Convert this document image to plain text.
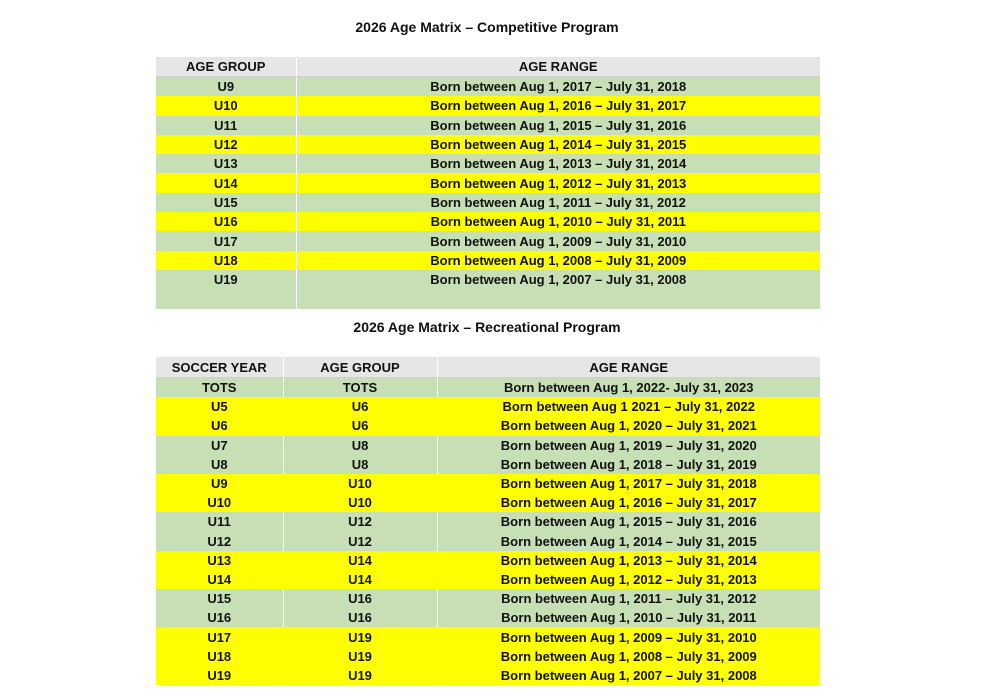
2026 Age Matrix – Competitive Program
AGE GROUP	AGE RANGE
U9	Born between Aug 1, 2017 – July 31, 2018
U10	Born between Aug 1, 2016 – July 31, 2017
U11	Born between Aug 1, 2015 – July 31, 2016
U12	Born between Aug 1, 2014 – July 31, 2015
U13	Born between Aug 1, 2013 – July 31, 2014
U14	Born between Aug 1, 2012 – July 31, 2013
U15	Born between Aug 1, 2011 – July 31, 2012
U16	Born between Aug 1, 2010 – July 31, 2011
U17	Born between Aug 1, 2009 – July 31, 2010
U18	Born between Aug 1, 2008 – July 31, 2009
U19	Born between Aug 1, 2007 – July 31, 2008

2026 Age Matrix – Recreational Program
SOCCER YEAR	AGE GROUP	AGE RANGE
TOTS	TOTS	Born between Aug 1, 2022- July 31, 2023
U5	U6	Born between Aug 1 2021 – July 31, 2022
U6	U6	Born between Aug 1, 2020 – July 31, 2021
U7	U8	Born between Aug 1, 2019 – July 31, 2020
U8	U8	Born between Aug 1, 2018 – July 31, 2019
U9	U10	Born between Aug 1, 2017 – July 31, 2018
U10	U10	Born between Aug 1, 2016 – July 31, 2017
U11	U12	Born between Aug 1, 2015 – July 31, 2016
U12	U12	Born between Aug 1, 2014 – July 31, 2015
U13	U14	Born between Aug 1, 2013 – July 31, 2014
U14	U14	Born between Aug 1, 2012 – July 31, 2013
U15	U16	Born between Aug 1, 2011 – July 31, 2012
U16	U16	Born between Aug 1, 2010 – July 31, 2011
U17	U19	Born between Aug 1, 2009 – July 31, 2010
U18	U19	Born between Aug 1, 2008 – July 31, 2009
U19	U19	Born between Aug 1, 2007 – July 31, 2008
